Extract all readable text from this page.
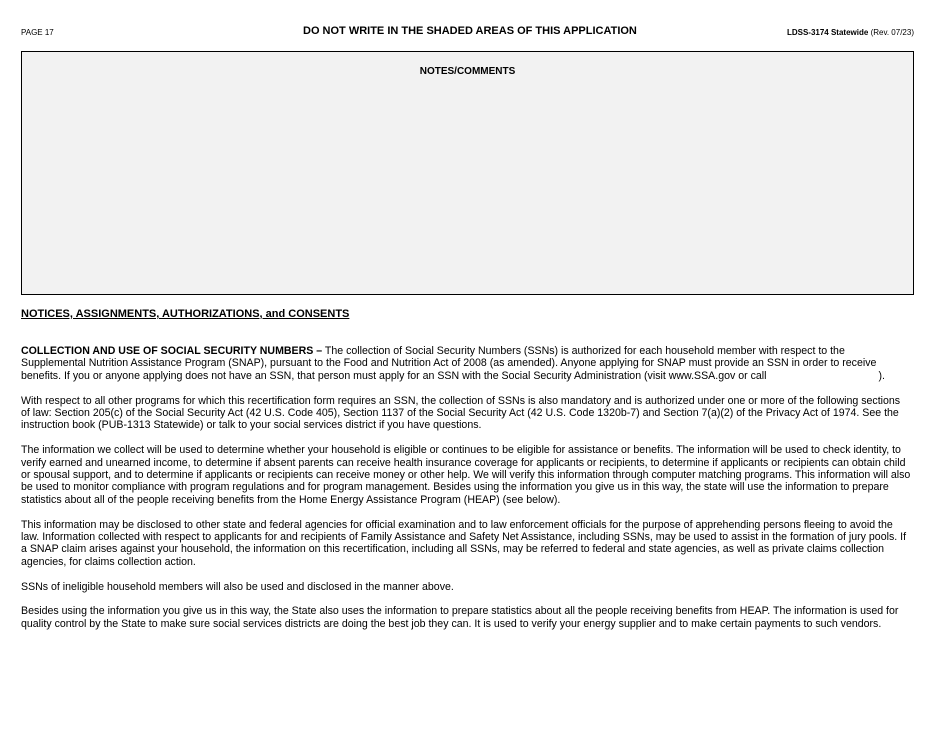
PAGE 17	DO NOT WRITE IN THE SHADED AREAS OF THIS APPLICATION	LDSS-3174 Statewide (Rev. 07/23)
NOTES/COMMENTS
NOTICES, ASSIGNMENTS, AUTHORIZATIONS, and CONSENTS

COLLECTION AND USE OF SOCIAL SECURITY NUMBERS – The collection of Social Security Numbers (SSNs) is authorized for each household member with respect to the Supplemental Nutrition Assistance Program (SNAP), pursuant to the Food and Nutrition Act of 2008 (as amended). Anyone applying for SNAP must provide an SSN in order to receive benefits. If you or anyone applying does not have an SSN, that person must apply for an SSN with the Social Security Administration (visit www.SSA.gov or call	).

With respect to all other programs for which this recertification form requires an SSN, the collection of SSNs is also mandatory and is authorized under one or more of the following sections of law: Section 205(c) of the Social Security Act (42 U.S. Code 405), Section 1137 of the Social Security Act (42 U.S. Code 1320b-7) and Section 7(a)(2) of the Privacy Act of 1974. See the instruction book (PUB-1313 Statewide) or talk to your social services district if you have questions.

The information we collect will be used to determine whether your household is eligible or continues to be eligible for assistance or benefits. The information will be used to check identity, to verify earned and unearned income, to determine if absent parents can receive health insurance coverage for applicants or recipients, to determine if applicants or recipients can obtain child or spousal support, and to determine if applicants or recipients can receive money or other help. We will verify this information through computer matching programs. This information will also be used to monitor compliance with program regulations and for program management. Besides using the information you give us in this way, the state will use the information to prepare statistics about all of the people receiving benefits from the Home Energy Assistance Program (HEAP) (see below).

This information may be disclosed to other state and federal agencies for official examination and to law enforcement officials for the purpose of apprehending persons fleeing to avoid the law. Information collected with respect to applicants for and recipients of Family Assistance and Safety Net Assistance, including SSNs, may be used to assist in the formation of jury pools. If a SNAP claim arises against your household, the information on this recertification, including all SSNs, may be referred to federal and state agencies, as well as private claims collection agencies, for claims collection action.

SSNs of ineligible household members will also be used and disclosed in the manner above.

Besides using the information you give us in this way, the State also uses the information to prepare statistics about all the people receiving benefits from HEAP. The information is used for quality control by the State to make sure social services districts are doing the best job they can. It is used to verify your energy supplier and to make certain payments to such vendors.
